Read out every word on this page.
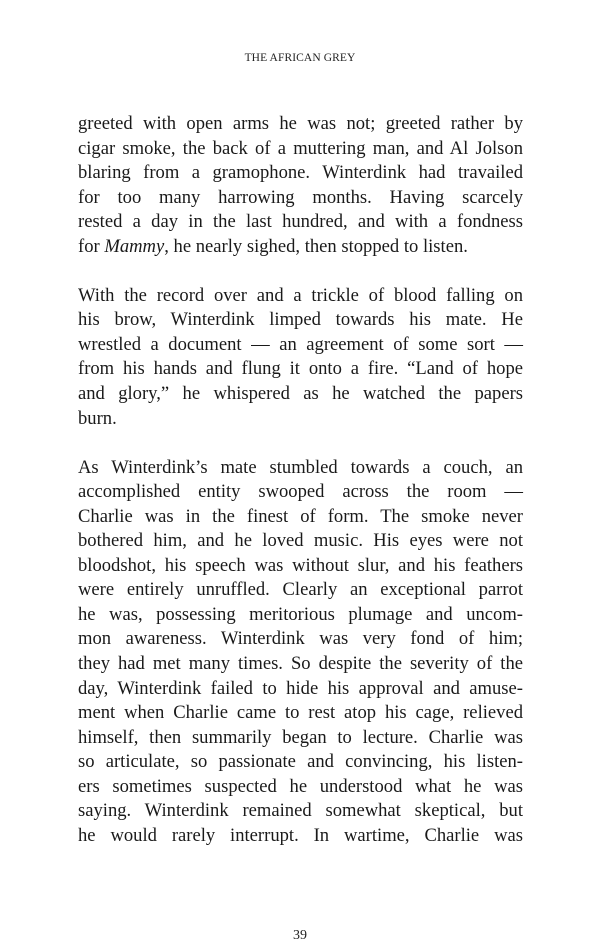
THE AFRICAN GREY
greeted with open arms he was not; greeted rather by
cigar smoke, the back of a muttering man, and Al Jolson
blaring from a gramophone. Winterdink had travailed
for too many harrowing months. Having scarcely
rested a day in the last hundred, and with a fondness
for Mammy, he nearly sighed, then stopped to listen.
With the record over and a trickle of blood falling on
his brow, Winterdink limped towards his mate. He
wrestled a document — an agreement of some sort —
from his hands and flung it onto a fire. “Land of hope
and glory,” he whispered as he watched the papers
burn.
As Winterdink’s mate stumbled towards a couch, an
accomplished entity swooped across the room —
Charlie was in the finest of form. The smoke never
bothered him, and he loved music. His eyes were not
bloodshot, his speech was without slur, and his feathers
were entirely unruffled. Clearly an exceptional parrot
he was, possessing meritorious plumage and uncom-
mon awareness. Winterdink was very fond of him;
they had met many times. So despite the severity of the
day, Winterdink failed to hide his approval and amuse-
ment when Charlie came to rest atop his cage, relieved
himself, then summarily began to lecture. Charlie was
so articulate, so passionate and convincing, his listen-
ers sometimes suspected he understood what he was
saying. Winterdink remained somewhat skeptical, but
he would rarely interrupt. In wartime, Charlie was
39
